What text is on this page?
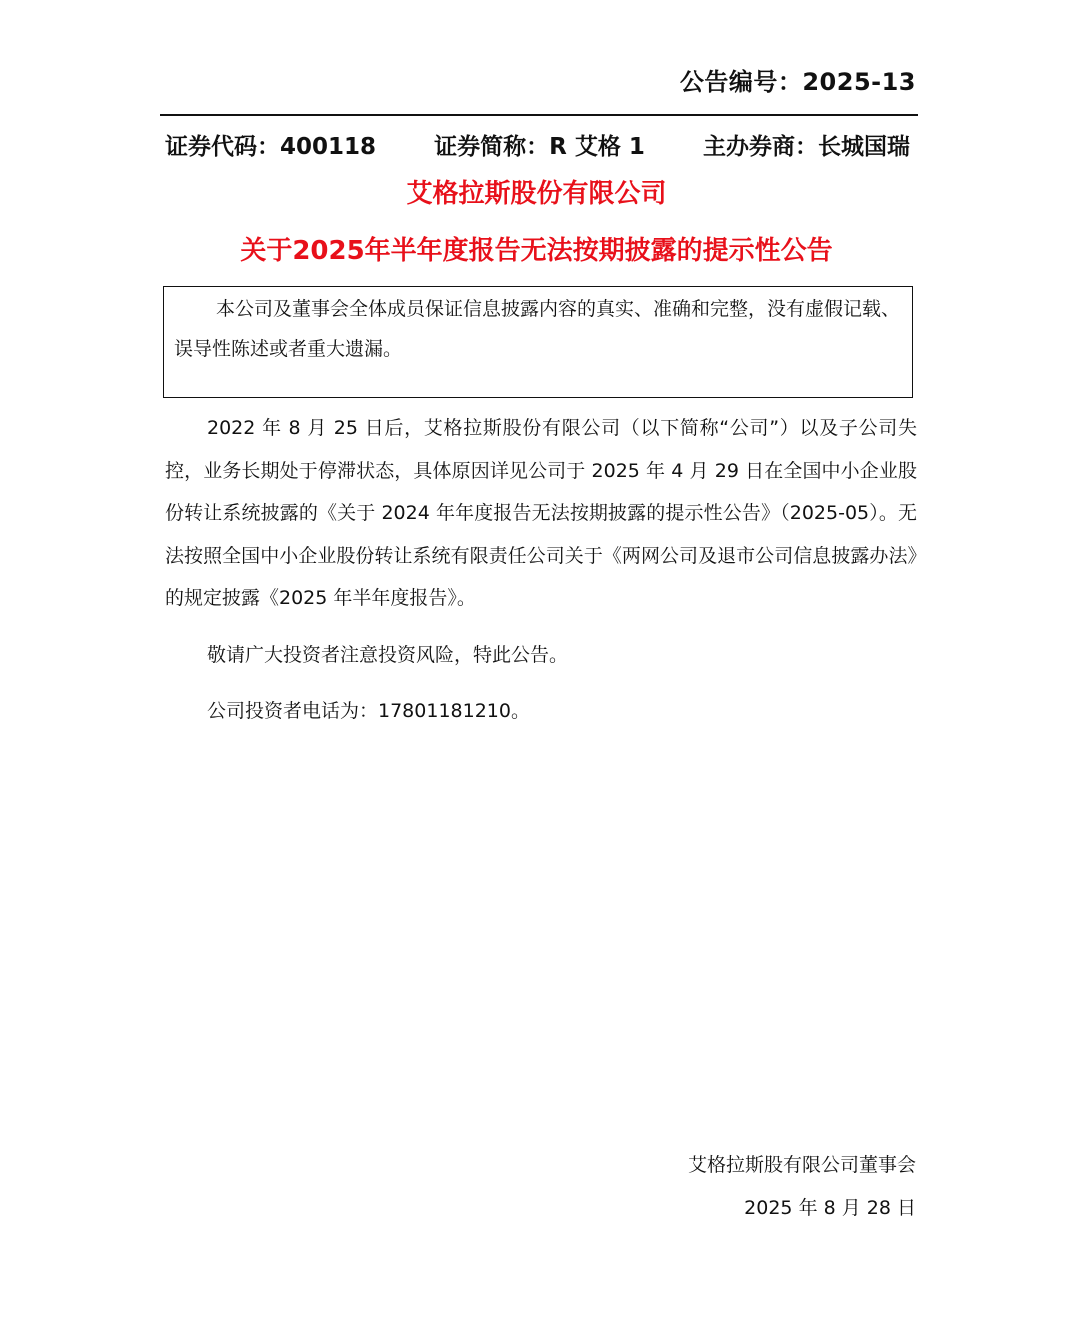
公告编号：2025-13
证券代码：400118	证券简称：R 艾格 1	主办券商：长城国瑞
艾格拉斯股份有限公司
关于2025年半年度报告无法按期披露的提示性公告
本公司及董事会全体成员保证信息披露内容的真实、准确和完整，没有虚假记载、误导性陈述或者重大遗漏。
2022 年 8 月 25 日后，艾格拉斯股份有限公司（以下简称“公司”）以及子公司失控，业务长期处于停滞状态，具体原因详见公司于 2025 年 4 月 29 日在全国中小企业股份转让系统披露的《关于 2024 年年度报告无法按期披露的提示性公告》（2025-05）。无法按照全国中小企业股份转让系统有限责任公司关于《两网公司及退市公司信息披露办法》的规定披露《2025 年半年度报告》。
敬请广大投资者注意投资风险，特此公告。
公司投资者电话为：17801181210。
艾格拉斯股有限公司董事会
2025 年 8 月 28 日
